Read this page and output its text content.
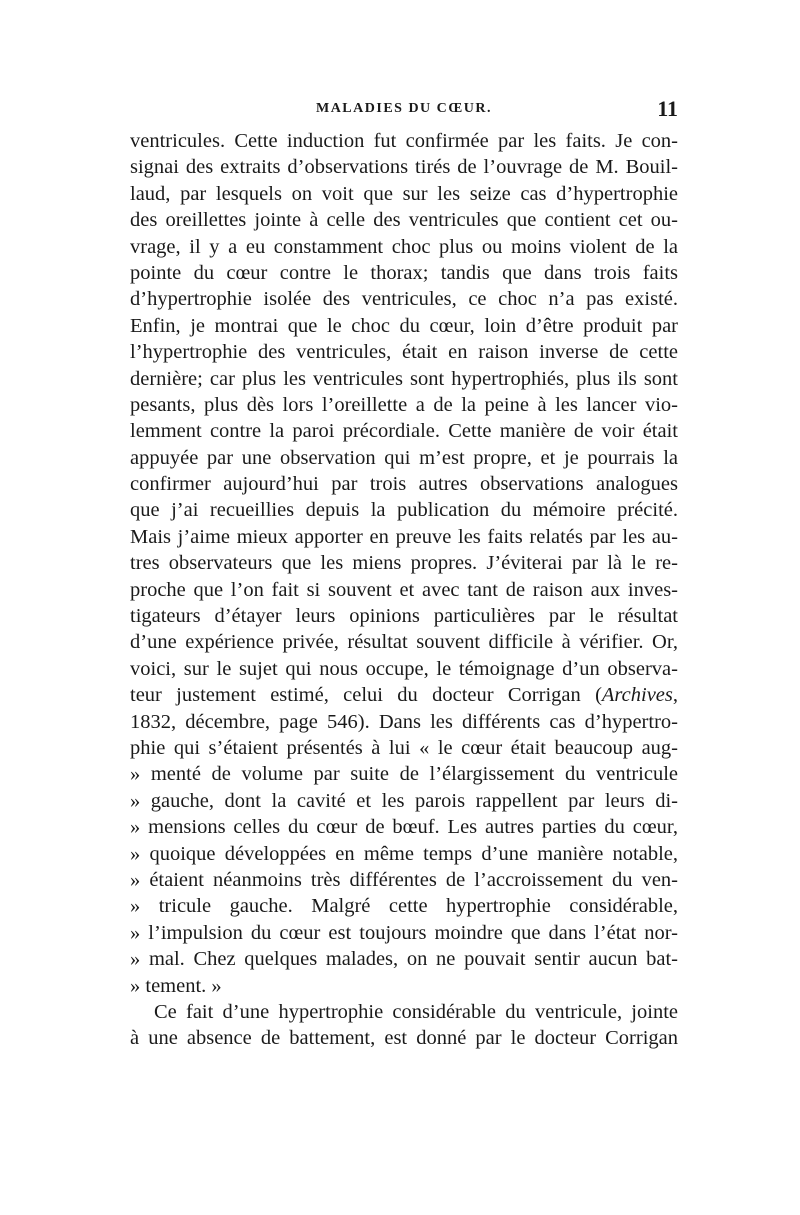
MALADIES DU CŒUR.	11
ventricules. Cette induction fut confirmée par les faits. Je con-
signai des extraits d’observations tirés de l’ouvrage de M. Bouil-
laud, par lesquels on voit que sur les seize cas d’hypertrophie
des oreillettes jointe à celle des ventricules que contient cet ou-
vrage, il y a eu constamment choc plus ou moins violent de la
pointe du cœur contre le thorax; tandis que dans trois faits
d’hypertrophie isolée des ventricules, ce choc n’a pas existé.
Enfin, je montrai que le choc du cœur, loin d’être produit par
l’hypertrophie des ventricules, était en raison inverse de cette
dernière; car plus les ventricules sont hypertrophiés, plus ils sont
pesants, plus dès lors l’oreillette a de la peine à les lancer vio-
lemment contre la paroi précordiale. Cette manière de voir était
appuyée par une observation qui m’est propre, et je pourrais la
confirmer aujourd’hui par trois autres observations analogues
que j’ai recueillies depuis la publication du mémoire précité.
Mais j’aime mieux apporter en preuve les faits relatés par les au-
tres observateurs que les miens propres. J’éviterai par là le re-
proche que l’on fait si souvent et avec tant de raison aux inves-
tigateurs d’étayer leurs opinions particulières par le résultat
d’une expérience privée, résultat souvent difficile à vérifier. Or,
voici, sur le sujet qui nous occupe, le témoignage d’un observa-
teur justement estimé, celui du docteur Corrigan (Archives,
1832, décembre, page 546). Dans les différents cas d’hypertro-
phie qui s’étaient présentés à lui « le cœur était beaucoup aug-
» menté de volume par suite de l’élargissement du ventricule
» gauche, dont la cavité et les parois rappellent par leurs di-
» mensions celles du cœur de bœuf. Les autres parties du cœur,
» quoique développées en même temps d’une manière notable,
» étaient néanmoins très différentes de l’accroissement du ven-
» tricule gauche. Malgré cette hypertrophie considérable,
» l’impulsion du cœur est toujours moindre que dans l’état nor-
» mal. Chez quelques malades, on ne pouvait sentir aucun bat-
» tement. »
Ce fait d’une hypertrophie considérable du ventricule, jointe
à une absence de battement, est donné par le docteur Corrigan
